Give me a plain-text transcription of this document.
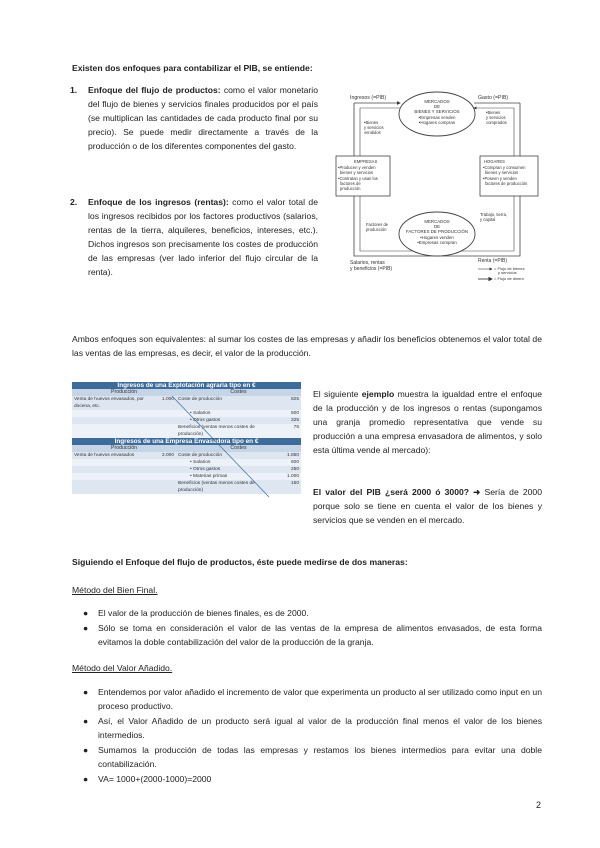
Existen dos enfoques para contabilizar el PIB, se entiende:
1. Enfoque del flujo de productos: como el valor monetario del flujo de bienes y servicios finales producidos por el país (se multiplican las cantidades de cada producto final por su precio). Se puede medir directamente a través de la producción o de los diferentes componentes del gasto.
2. Enfoque de los ingresos (rentas): como el valor total de los ingresos recibidos por los factores productivos (salarios, rentas de la tierra, alquileres, beneficios, intereses, etc.). Dichos ingresos son precisamente los costes de producción de las empresas (ver lado inferior del flujo circular de la renta).
MERCADOS
DE
BIENES Y SERVICIOS
•Empresas venden
•Hogares compran
Ingresos (=PIB)	Gasto (=PIB)
•Bienes
y servicios
vendidos
•Bienes
y servicios
comprados
EMPRESAS
•Producen y venden
bienes y servicios
•Contratan y usan los
factores de
producción
HOGARES
•Compran y consumen
bienes y servicios
•Poseen y venden
factores de producción
MERCADOS
DE
FACTORES DE PRODUCCIÓN
•Hogares venden
•Empresas compran
Factores de
producción
Trabajo, tierra,
y capital
Salarios, rentas
y beneficios (=PIB)
Renta (=PIB)
= Flujo de bienes
y servicios
= Flujo de dinero
Ambos enfoques son equivalentes: al sumar los costes de las empresas y añadir los beneficios obtenemos el valor total de las ventas de las empresas, es decir, el valor de la producción.
Ingresos de una Explotación agraria tipo en €			
Producción		Costes	
Venta de huevos envasados, por docena, etc.	1.000	Coste de producción	825
		• Salarios	500
		• Otros gastos	325
		Beneficios (ventas menos costes de producción)	75
Ingresos de una Empresa Envasadora tipo en €			
Producción		Costes	
Venta de huevos envasados	2.000	Coste de producción	1.850
		• Salarios	600
		• Otros gastos	250
		• Materias primas	1.000
		Beneficios (ventas menos costes de producción)	150
El siguiente ejemplo muestra la igualdad entre el enfoque de la producción y de los ingresos o rentas (supongamos una granja promedio representativa que vende su producción a una empresa envasadora de alimentos, y solo esta última vende al mercado):
El valor del PIB ¿será 2000 ó 3000? ➜ Sería de 2000 porque solo se tiene en cuenta el valor de los bienes y servicios que se venden en el mercado.
Siguiendo el Enfoque del flujo de productos, éste puede medirse de dos maneras:
Método del Bien Final.
● El valor de la producción de bienes finales, es de 2000.
● Sólo se toma en consideración el valor de las ventas de la empresa de alimentos envasados, de esta forma evitamos la doble contabilización del valor de la producción de la granja.
Método del Valor Añadido.
● Entendemos por valor añadido el incremento de valor que experimenta un producto al ser utilizado como input en un proceso productivo.
● Así, el Valor Añadido de un producto será igual al valor de la producción final menos el valor de los bienes intermedios.
● Sumamos la producción de todas las empresas y restamos los bienes intermedios para evitar una doble contabilización.
● VA= 1000+(2000-1000)=2000
2
